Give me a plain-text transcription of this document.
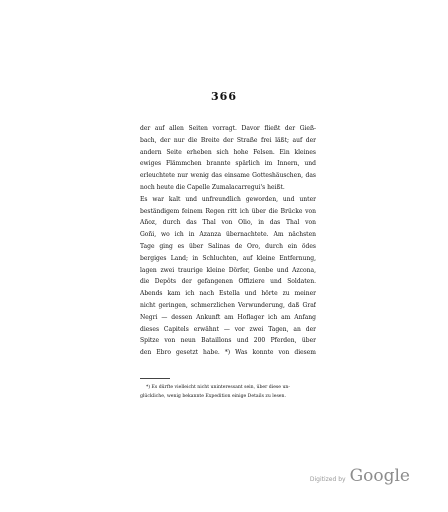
366
der auf allen Seiten vorragt. Davor fließt der Gieß-
bach, der nur die Breite der Straße frei läßt; auf der
andern Seite erheben sich hohe Felsen. Ein kleines
ewiges Flämmchen brannte spärlich im Innern, und
erleuchtete nur wenig das einsame Gotteshäuschen, das
noch heute die Capelle Zumalacarregui's heißt.
Es war kalt und unfreundlich geworden, und unter
beständigem feinem Regen ritt ich über die Brücke von
Añoz, durch das Thal von Olio, in das Thal von
Goñi, wo ich in Azanza übernachtete. Am nächsten
Tage ging es über Salinas de Oro, durch ein ödes
bergiges Land; in Schluchten, auf kleine Entfernung,
lagen zwei traurige kleine Dörfer, Genbe und Azcona,
die Depôts der gefangenen Offiziere und Soldaten.
Abends kam ich nach Estella und hörte zu meiner
nicht geringen, schmerzlichen Verwunderung, daß Graf
Negri — dessen Ankunft am Hoflager ich am Anfang
dieses Capitels erwähnt — vor zwei Tagen, an der
Spitze von neun Bataillons und 200 Pferden, über
den Ebro gesetzt habe. *) Was konnte von diesem
*) Es dürfte vielleicht nicht uninteressant sein, über diese un-
glückliche, wenig bekannte Expedition einige Details zu lesen.
Digitized by Google
